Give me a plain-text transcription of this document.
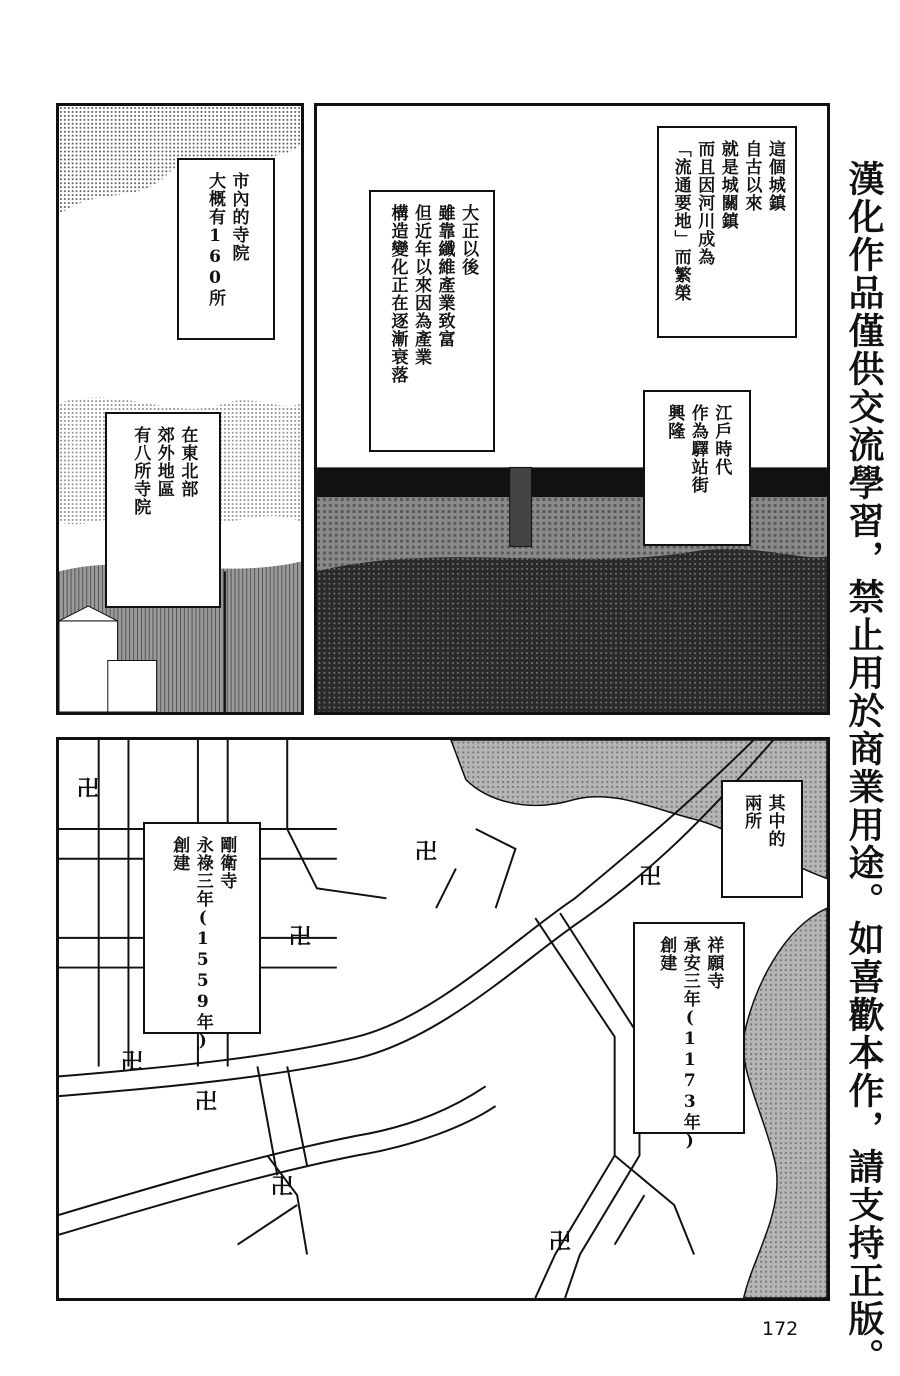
市內的寺院
大概有160所
在東北部
郊外地區
有八所寺院
這個城鎮
自古以來
就是城關鎮
而且因河川成為
「流通要地」而繁榮
大正以後
雖靠纖維產業致富
但近年以來因為產業
構造變化正在逐漸衰落
江戶時代
作為驛站街
興隆
卍
卍
卍
卍
卍
卍
卍
卍
其中的
兩所
剛衛寺
永祿三年(1559年)
創建
祥願寺
承安三年(1173年)
創建
漢化作品僅供交流學習，禁止用於商業用途。如喜歡本作，請支持正版。
172
